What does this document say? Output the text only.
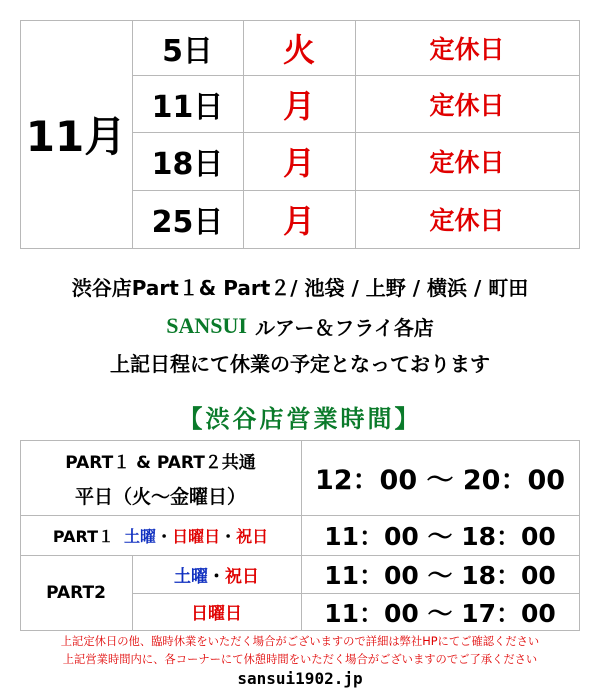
11月
5日	火	定休日
11日	月	定休日
18日	月	定休日
25日	月	定休日
渋谷店Part１& Part２/ 池袋 / 上野 / 横浜 / 町田
SANSUI ルアー＆フライ各店
上記日程にて休業の予定となっております
【渋谷店営業時間】
PART１ & PART２共通
平日（火～金曜日）
12：00 ～ 20：00
PART１ 土曜 ・ 日曜日 ・ 祝日	11：00 ～ 18：00
PART2
土曜 ・ 祝日	11：00 ～ 18：00
日曜日	11：00 ～ 17：00
上記定休日の他、臨時休業をいただく場合がございますので詳細は弊社HPにてご確認ください
上記営業時間内に、各コーナーにて休憩時間をいただく場合がございますのでご了承ください
sansui1902.jp
